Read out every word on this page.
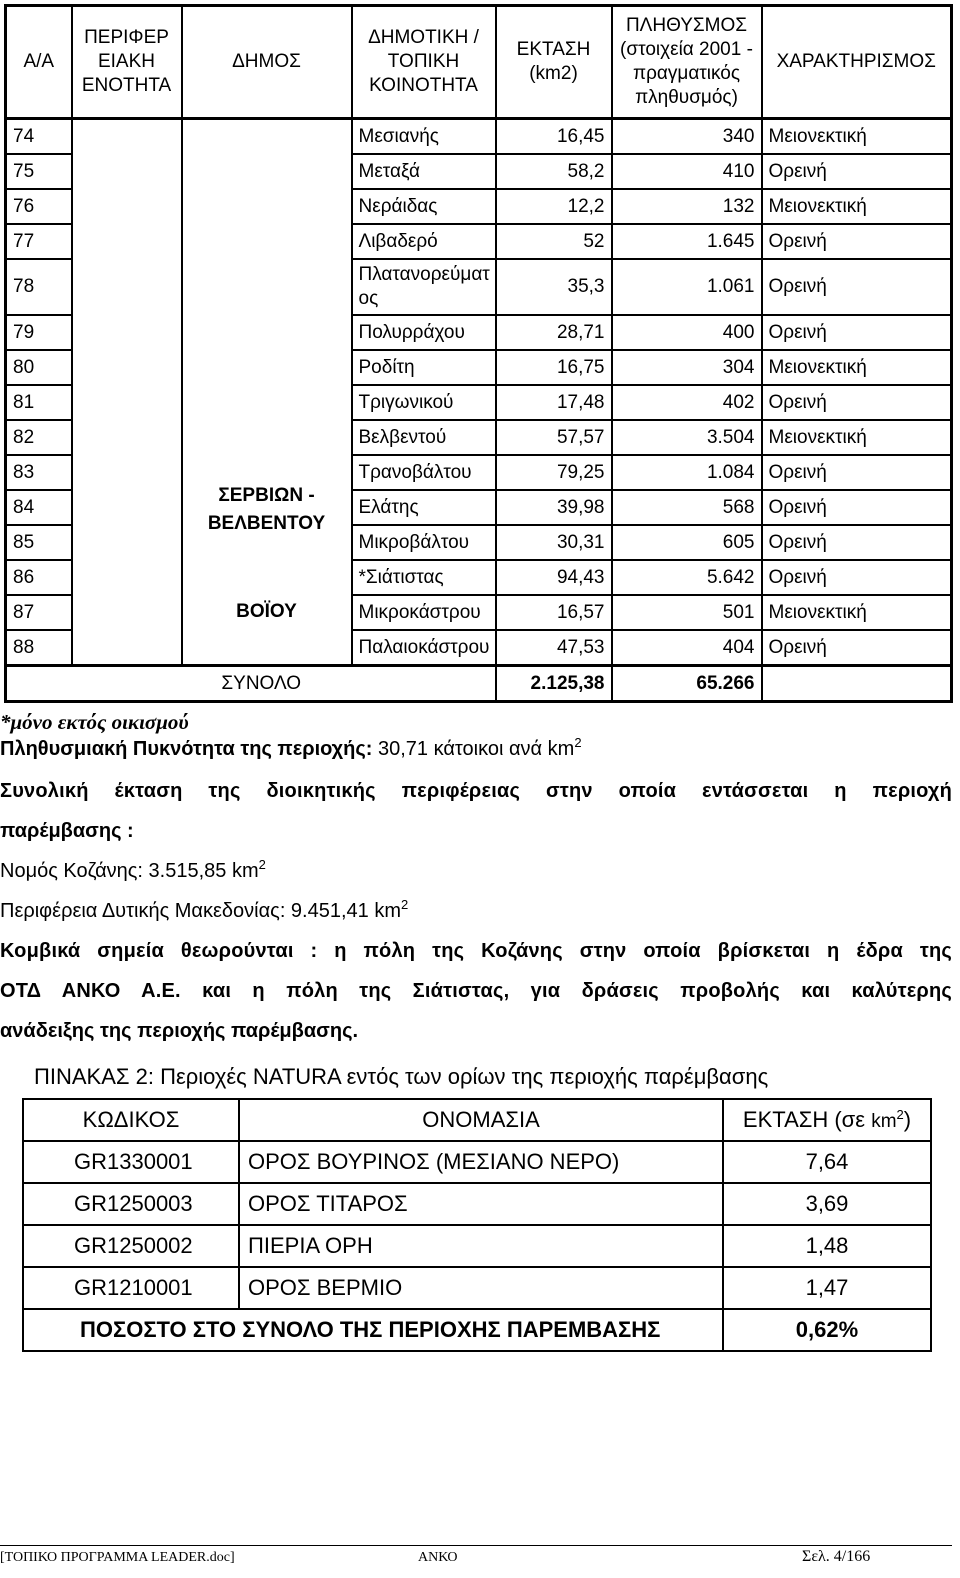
Α/Α	ΠΕΡΙΦΕΡ ΕΙΑΚΗ ΕΝΟΤΗΤΑ	ΔΗΜΟΣ	ΔΗΜΟΤΙΚΗ / ΤΟΠΙΚΗ ΚΟΙΝΟΤΗΤΑ	ΕΚΤΑΣΗ (km2)	ΠΛΗΘΥΣΜΟΣ (στοιχεία 2001 - πραγματικός πληθυσμός)	ΧΑΡΑΚΤΗΡΙΣΜΟΣ
74		ΣΕΡΒΙΩΝ - ΒΕΛΒΕΝΤΟΥ	Μεσιανής	16,45	340	Μειονεκτική
75			Μεταξά	58,2	410	Ορεινή
76			Νεράιδας	12,2	132	Μειονεκτική
77			Λιβαδερό	52	1.645	Ορεινή
78			Πλατανορεύματ ος	35,3	1.061	Ορεινή
79			Πολυρράχου	28,71	400	Ορεινή
80			Ροδίτη	16,75	304	Μειονεκτική
81			Τριγωνικού	17,48	402	Ορεινή
82			Βελβεντού	57,57	3.504	Μειονεκτική
83			Τρανοβάλτου	79,25	1.084	Ορεινή
84			Ελάτης	39,98	568	Ορεινή
85			Μικροβάλτου	30,31	605	Ορεινή
86		ΒΟΪΟΥ	*Σιάτιστας	94,43	5.642	Ορεινή
87			Μικροκάστρου	16,57	501	Μειονεκτική
88			Παλαιοκάστρου	47,53	404	Ορεινή
ΣΥΝΟΛΟ				2.125,38	65.266	
*μόνο εκτός οικισμού
Πληθυσμιακή Πυκνότητα της περιοχής: 30,71 κάτοικοι ανά $km^2$
Συνολική έκταση της διοικητικής περιφέρειας στην οποία εντάσσεται η περιοχή
παρέμβασης :
Νομός Κοζάνης: 3.515,85 $km^2$
Περιφέρεια Δυτικής Μακεδονίας: 9.451,41 $km^2$
Κομβικά σημεία θεωρούνται : η πόλη της Κοζάνης στην οποία βρίσκεται η έδρα της
ΟΤΔ ΑΝΚΟ Α.Ε. και η πόλη της Σιάτιστας, για δράσεις προβολής και καλύτερης
ανάδειξης της περιοχής παρέμβασης.
ΠΙΝΑΚΑΣ 2: Περιοχές NATURA εντός των ορίων της περιοχής παρέμβασης
ΚΩΔΙΚΟΣ	ΟΝΟΜΑΣΙΑ	ΕΚΤΑΣΗ (σε $km^2$)
GR1330001	ΟΡΟΣ ΒΟΥΡΙΝΟΣ (ΜΕΣΙΑΝΟ ΝΕΡΟ)	7,64
GR1250003	ΟΡΟΣ ΤΙΤΑΡΟΣ	3,69
GR1250002	ΠΙΕΡΙΑ ΟΡΗ	1,48
GR1210001	ΟΡΟΣ ΒΕΡΜΙΟ	1,47
ΠΟΣΟΣΤΟ ΣΤΟ ΣΥΝΟΛΟ ΤΗΣ ΠΕΡΙΟΧΗΣ ΠΑΡΕΜΒΑΣΗΣ		0,62%
[ΤΟΠΙΚΟ ΠΡΟΓΡΑΜΜΑ LEADER.doc]	ΑΝΚΟ	Σελ. 4/166
